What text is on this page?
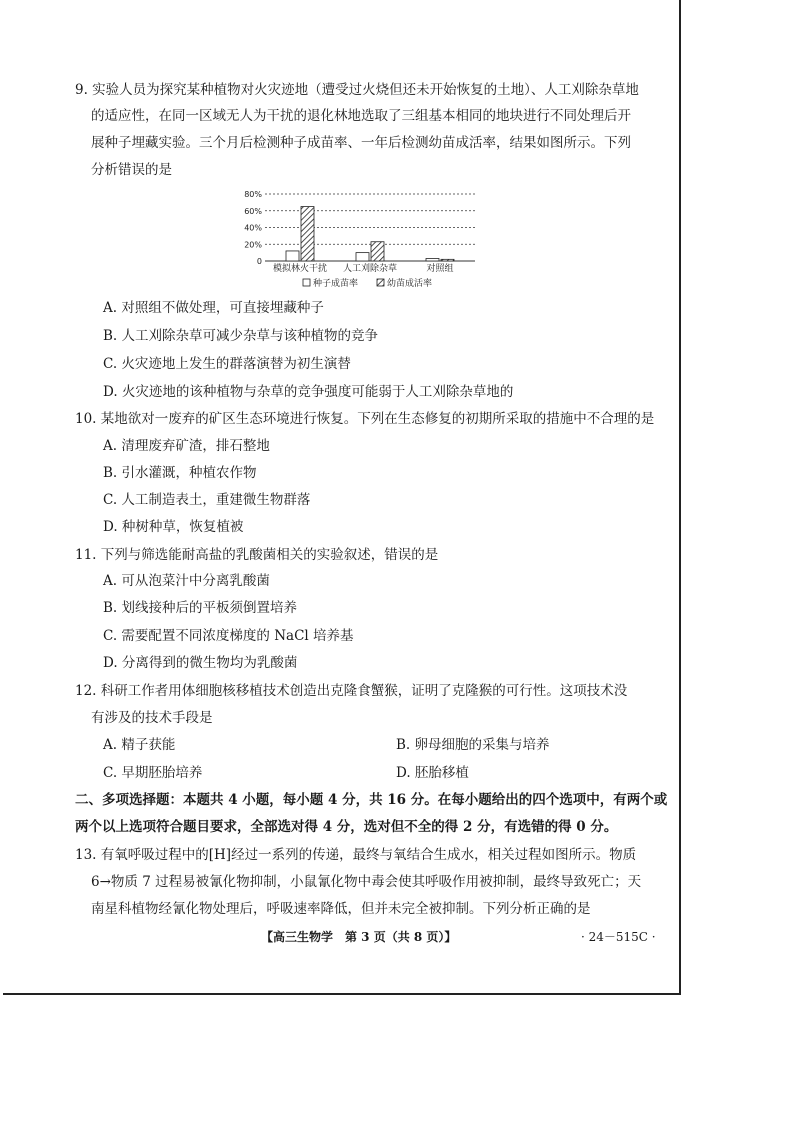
9. 实验人员为探究某种植物对火灾迹地（遭受过火烧但还未开始恢复的土地）、人工刈除杂草地
的适应性，在同一区域无人为干扰的退化林地选取了三组基本相同的地块进行不同处理后开
展种子埋藏实验。三个月后检测种子成苗率、一年后检测幼苗成活率，结果如图所示。下列
分析错误的是
0
20%
40%
60%
80%
模拟林火干扰 人工刈除杂草	对照组
种子成苗率	幼苗成活率
A. 对照组不做处理，可直接埋藏种子
B. 人工刈除杂草可减少杂草与该种植物的竞争
C. 火灾迹地上发生的群落演替为初生演替
D. 火灾迹地的该种植物与杂草的竞争强度可能弱于人工刈除杂草地的
10. 某地欲对一废弃的矿区生态环境进行恢复。下列在生态修复的初期所采取的措施中不合理的是
A. 清理废弃矿渣，排石整地
B. 引水灌溉，种植农作物
C. 人工制造表土，重建微生物群落
D. 种树种草，恢复植被
11. 下列与筛选能耐高盐的乳酸菌相关的实验叙述，错误的是
A. 可从泡菜汁中分离乳酸菌
B. 划线接种后的平板须倒置培养
C. 需要配置不同浓度梯度的 NaCl 培养基
D. 分离得到的微生物均为乳酸菌
12. 科研工作者用体细胞核移植技术创造出克隆食蟹猴，证明了克隆猴的可行性。这项技术没
有涉及的技术手段是
A. 精子获能	B. 卵母细胞的采集与培养
C. 早期胚胎培养	D. 胚胎移植
二、多项选择题：本题共 4 小题，每小题 4 分，共 16 分。在每小题给出的四个选项中，有两个或
两个以上选项符合题目要求，全部选对得 4 分，选对但不全的得 2 分，有选错的得 0 分。
13. 有氧呼吸过程中的[H]经过一系列的传递，最终与氧结合生成水，相关过程如图所示。物质
6→物质 7 过程易被氰化物抑制，小鼠氰化物中毒会使其呼吸作用被抑制，最终导致死亡；天
南星科植物经氰化物处理后，呼吸速率降低，但并未完全被抑制。下列分析正确的是
【高三生物学　第 3 页（共 8 页）】	· 24－515C ·
